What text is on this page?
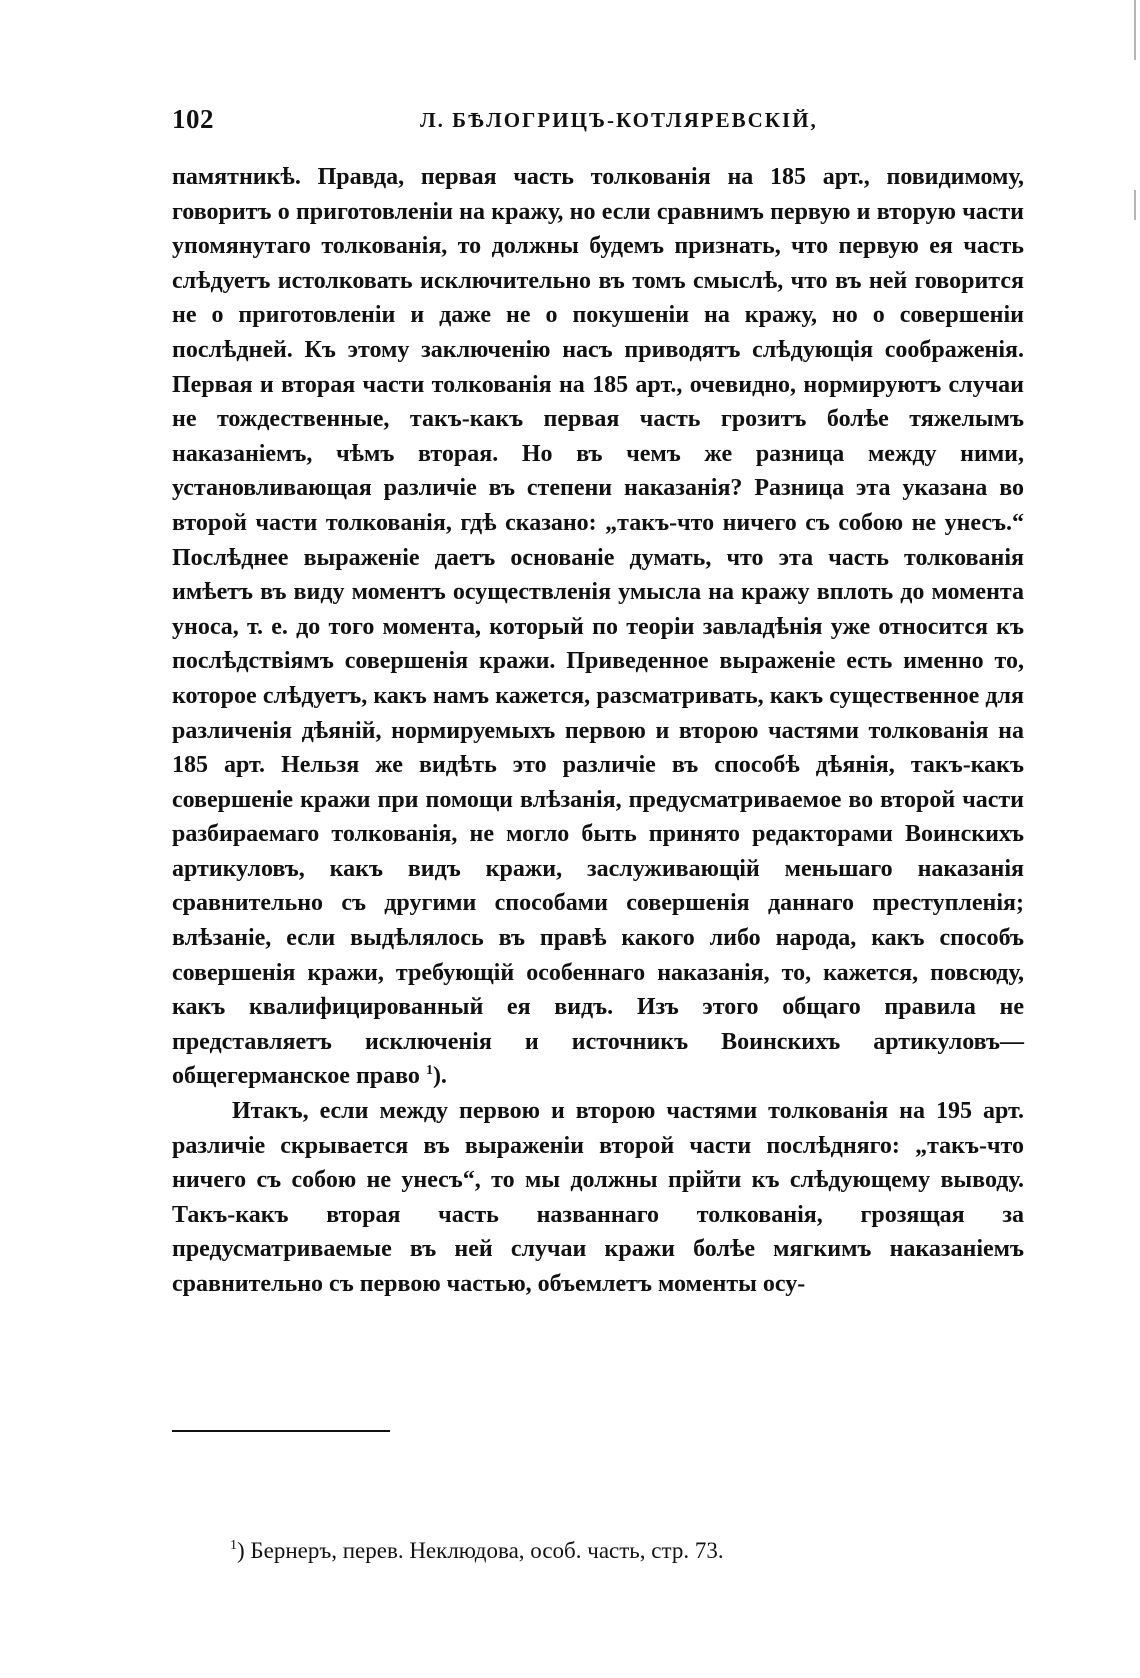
102	Л. БѢЛОГРИЦЪ-КОТЛЯРЕВСКІЙ,

памятникѣ. Правда, первая часть толкованія на 185 арт., повидимому, говоритъ о приготовленіи на кражу, но если сравнимъ первую и вторую части упомянутаго толкованія, то должны будемъ признать, что первую ея часть слѣдуетъ истолковать исключительно въ томъ смыслѣ, что въ ней говорится не о приготовленіи и даже не о покушеніи на кражу, но о совершеніи послѣдней. Къ этому заключенію насъ приводятъ слѣдующія соображенія. Первая и вторая части толкованія на 185 арт., очевидно, нормируютъ случаи не тождественные, такъ-какъ первая часть грозитъ болѣе тяжелымъ наказаніемъ, чѣмъ вторая. Но въ чемъ же разница между ними, установливающая различіе въ степени наказанія? Разница эта указана во второй части толкованія, гдѣ сказано: „такъ-что ничего съ собою не унесъ.“ Послѣднее выраженіе даетъ основаніе думать, что эта часть толкованія имѣетъ въ виду моментъ осуществленія умысла на кражу вплоть до момента уноса, т. е. до того момента, который по теоріи завладѣнія уже относится къ послѣдствіямъ совершенія кражи. Приведенное выраженіе есть именно то, которое слѣдуетъ, какъ намъ кажется, разсматривать, какъ существенное для различенія дѣяній, нормируемыхъ первою и второю частями толкованія на 185 арт. Нельзя же видѣть это различіе въ способѣ дѣянія, такъ-какъ совершеніе кражи при помощи влѣзанія, предусматриваемое во второй части разбираемаго толкованія, не могло быть принято редакторами Воинскихъ артикуловъ, какъ видъ кражи, заслуживающій меньшаго наказанія сравнительно съ другими способами совершенія даннаго преступленія; влѣзаніе, если выдѣлялось въ правѣ какого либо народа, какъ способъ совершенія кражи, требующій особеннаго наказанія, то, кажется, повсюду, какъ квалифицированный ея видъ. Изъ этого общаго правила не представляетъ исключенія и источникъ Воинскихъ артикуловъ—общегерманское право $^1$).

Итакъ, если между первою и второю частями толкованія на 195 арт. различіе скрывается въ выраженіи второй части послѣдняго: „такъ-что ничего съ собою не унесъ“, то мы должны прійти къ слѣдующему выводу. Такъ-какъ вторая часть названнаго толкованія, грозящая за предусматриваемые въ ней случаи кражи болѣе мягкимъ наказаніемъ сравнительно съ первою частью, объемлетъ моменты осу-

$^1$) Бернеръ, перев. Неклюдова, особ. часть, стр. 73.
